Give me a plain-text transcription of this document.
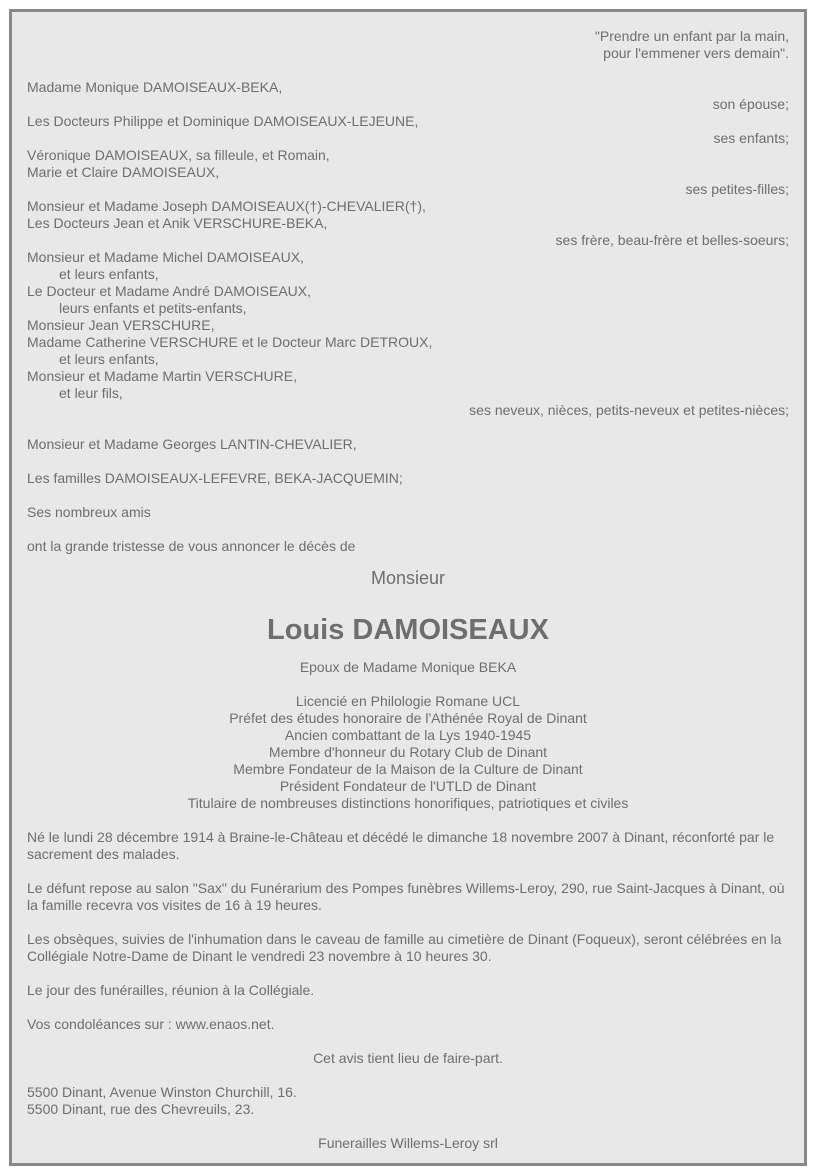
"Prendre un enfant par la main,
pour l'emmener vers demain".
Madame Monique DAMOISEAUX-BEKA,
son épouse;
Les Docteurs Philippe et Dominique DAMOISEAUX-LEJEUNE,
ses enfants;
Véronique DAMOISEAUX, sa filleule, et Romain,
Marie et Claire DAMOISEAUX,
ses petites-filles;
Monsieur et Madame Joseph DAMOISEAUX(†)-CHEVALIER(†),
Les Docteurs Jean et Anik VERSCHURE-BEKA,
ses frère, beau-frère et belles-soeurs;
Monsieur et Madame Michel DAMOISEAUX,
et leurs enfants,
Le Docteur et Madame André DAMOISEAUX,
leurs enfants et petits-enfants,
Monsieur Jean VERSCHURE,
Madame Catherine VERSCHURE et le Docteur Marc DETROUX,
et leurs enfants,
Monsieur et Madame Martin VERSCHURE,
et leur fils,
ses neveux, nièces, petits-neveux et petites-nièces;
Monsieur et Madame Georges LANTIN-CHEVALIER,
Les familles DAMOISEAUX-LEFEVRE, BEKA-JACQUEMIN;
Ses nombreux amis
ont la grande tristesse de vous annoncer le décès de
Monsieur
Louis DAMOISEAUX
Epoux de Madame Monique BEKA
Licencié en Philologie Romane UCL
Préfet des études honoraire de l'Athénée Royal de Dinant
Ancien combattant de la Lys 1940-1945
Membre d'honneur du Rotary Club de Dinant
Membre Fondateur de la Maison de la Culture de Dinant
Président Fondateur de l'UTLD de Dinant
Titulaire de nombreuses distinctions honorifiques, patriotiques et civiles
Né le lundi 28 décembre 1914 à Braine-le-Château et décédé le dimanche 18 novembre 2007 à Dinant, réconforté par le sacrement des malades.
Le défunt repose au salon "Sax" du Funérarium des Pompes funèbres Willems-Leroy, 290, rue Saint-Jacques à Dinant, où la famille recevra vos visites de 16 à 19 heures.
Les obsèques, suivies de l'inhumation dans le caveau de famille au cimetière de Dinant (Foqueux), seront célébrées en la Collégiale Notre-Dame de Dinant le vendredi 23 novembre à 10 heures 30.
Le jour des funérailles, réunion à la Collégiale.
Vos condoléances sur : www.enaos.net.
Cet avis tient lieu de faire-part.
5500 Dinant, Avenue Winston Churchill, 16.
5500 Dinant, rue des Chevreuils, 23.
Funerailles Willems-Leroy srl
